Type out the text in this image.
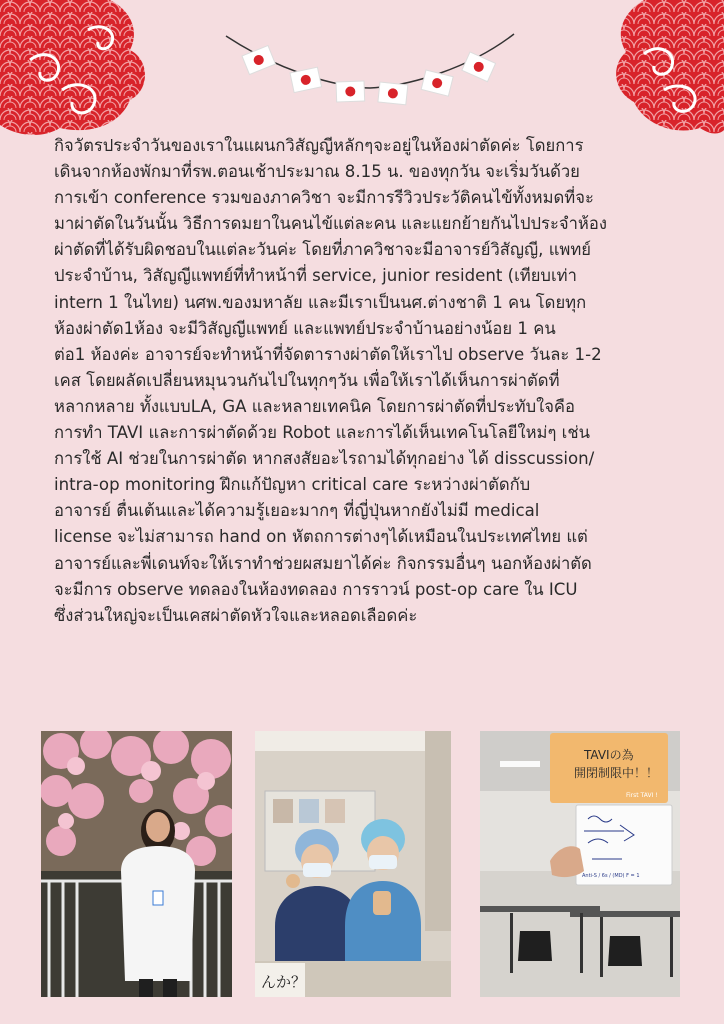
กิจวัตรประจำวันของเราในแผนกวิสัญญีหลักๆจะอยู่ในห้องผ่าตัดค่ะ โดยการ
เดินจากห้องพักมาที่รพ.ตอนเช้าประมาณ 8.15 น. ของทุกวัน จะเริ่มวันด้วย
การเข้า conference รวมของภาควิชา จะมีการรีวิวประวัติคนไข้ทั้งหมดที่จะ
มาผ่าตัดในวันนั้น วิธีการดมยาในคนไข้แต่ละคน และแยกย้ายกันไปประจำห้อง
ผ่าตัดที่ได้รับผิดชอบในแต่ละวันค่ะ โดยที่ภาควิชาจะมีอาจารย์วิสัญญี, แพทย์
ประจำบ้าน, วิสัญญีแพทย์ที่ทำหน้าที่ service, junior resident (เทียบเท่า
intern 1 ในไทย) นศพ.ของมหาลัย และมีเราเป็นนศ.ต่างชาติ 1 คน โดยทุก
ห้องผ่าตัด1ห้อง จะมีวิสัญญีแพทย์ และแพทย์ประจำบ้านอย่างน้อย 1 คน
ต่อ1 ห้องค่ะ อาจารย์จะทำหน้าที่จัดตารางผ่าตัดให้เราไป observe วันละ 1-2
เคส โดยผลัดเปลี่ยนหมุนวนกันไปในทุกๆวัน เพื่อให้เราได้เห็นการผ่าตัดที่
หลากหลาย ทั้งแบบLA, GA และหลายเทคนิค โดยการผ่าตัดที่ประทับใจคือ
การทำ TAVI และการผ่าตัดด้วย Robot และการได้เห็นเทคโนโลยีใหม่ๆ เช่น
การใช้ AI ช่วยในการผ่าตัด หากสงสัยอะไรถามได้ทุกอย่าง ได้ disscussion/
intra-op monitoring ฝึกแก้ปัญหา critical care ระหว่างผ่าตัดกับ
อาจารย์ ตื่นเต้นและได้ความรู้เยอะมากๆ ที่ญี่ปุ่นหากยังไม่มี medical
license จะไม่สามารถ hand on หัตถการต่างๆได้เหมือนในประเทศไทย แต่
อาจารย์และพี่เดนท์จะให้เราทำช่วยผสมยาได้ค่ะ กิจกรรมอื่นๆ นอกห้องผ่าตัด
จะมีการ observe ทดลองในห้องทดลอง การราวน์ post-op care ใน ICU
ซึ่งส่วนใหญ่จะเป็นเคสผ่าตัดหัวใจและหลอดเลือดค่ะ

んか？
TAVIの為
開閉制限中！！
First TAVI !
Anti-S / 6s / (MD) F = 1
